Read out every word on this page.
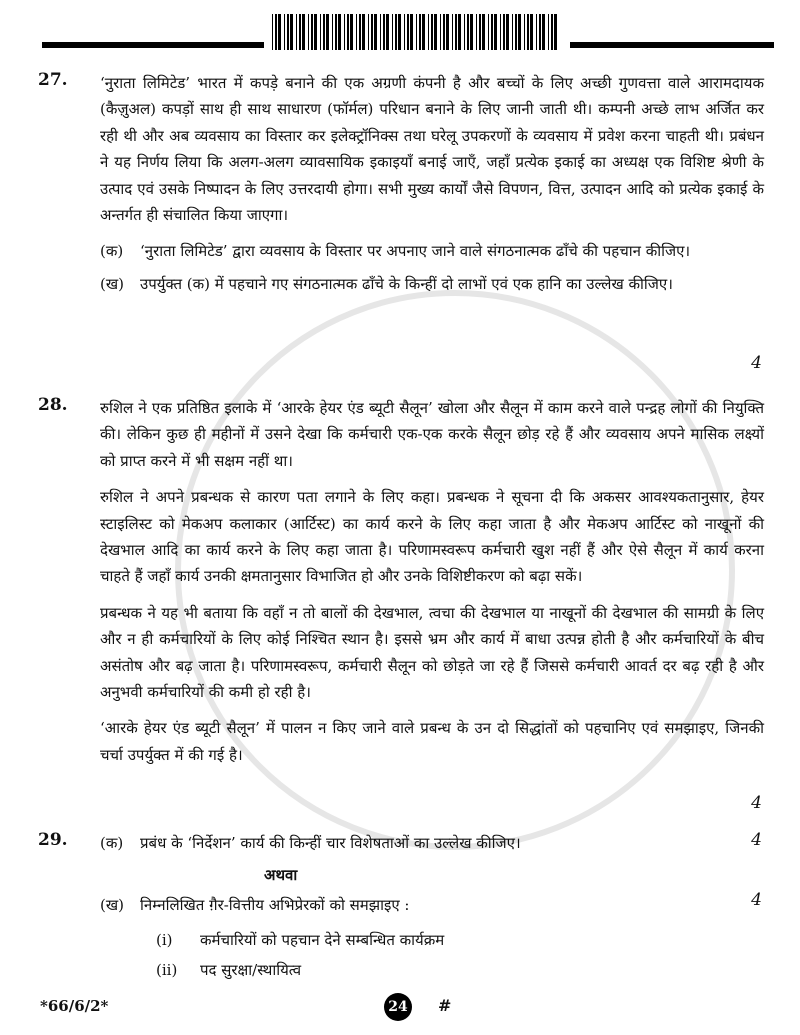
27. ‘नुराता लिमिटेड’ भारत में कपड़े बनाने की एक अग्रणी कंपनी है और बच्चों के लिए अच्छी गुणवत्ता वाले आरामदायक (कैज़ुअल) कपड़ों साथ ही साथ साधारण (फॉर्मल) परिधान बनाने के लिए जानी जाती थी। कम्पनी अच्छे लाभ अर्जित कर रही थी और अब व्यवसाय का विस्तार कर इलेक्ट्रॉनिक्स तथा घरेलू उपकरणों के व्यवसाय में प्रवेश करना चाहती थी। प्रबंधन ने यह निर्णय लिया कि अलग-अलग व्यावसायिक इकाइयाँ बनाई जाएँ, जहाँ प्रत्येक इकाई का अध्यक्ष एक विशिष्ट श्रेणी के उत्पाद एवं उसके निष्पादन के लिए उत्तरदायी होगा। सभी मुख्य कार्यों जैसे विपणन, वित्त, उत्पादन आदि को प्रत्येक इकाई के अन्तर्गत ही संचालित किया जाएगा।

(क) ‘नुराता लिमिटेड’ द्वारा व्यवसाय के विस्तार पर अपनाए जाने वाले संगठनात्मक ढाँचे की पहचान कीजिए।
(ख) उपर्युक्त (क) में पहचाने गए संगठनात्मक ढाँचे के किन्हीं दो लाभों एवं एक हानि का उल्लेख कीजिए।
4
28. रुशिल ने एक प्रतिष्ठित इलाके में ‘आरके हेयर एंड ब्यूटी सैलून’ खोला और सैलून में काम करने वाले पन्द्रह लोगों की नियुक्ति की। लेकिन कुछ ही महीनों में उसने देखा कि कर्मचारी एक-एक करके सैलून छोड़ रहे हैं और व्यवसाय अपने मासिक लक्ष्यों को प्राप्त करने में भी सक्षम नहीं था।

रुशिल ने अपने प्रबन्धक से कारण पता लगाने के लिए कहा। प्रबन्धक ने सूचना दी कि अकसर आवश्यकतानुसार, हेयर स्टाइलिस्ट को मेकअप कलाकार (आर्टिस्ट) का कार्य करने के लिए कहा जाता है और मेकअप आर्टिस्ट को नाखूनों की देखभाल आदि का कार्य करने के लिए कहा जाता है। परिणामस्वरूप कर्मचारी खुश नहीं हैं और ऐसे सैलून में कार्य करना चाहते हैं जहाँ कार्य उनकी क्षमतानुसार विभाजित हो और उनके विशिष्टीकरण को बढ़ा सकें।

प्रबन्धक ने यह भी बताया कि वहाँ न तो बालों की देखभाल, त्वचा की देखभाल या नाखूनों की देखभाल की सामग्री के लिए और न ही कर्मचारियों के लिए कोई निश्चित स्थान है। इससे भ्रम और कार्य में बाधा उत्पन्न होती है और कर्मचारियों के बीच असंतोष और बढ़ जाता है। परिणामस्वरूप, कर्मचारी सैलून को छोड़ते जा रहे हैं जिससे कर्मचारी आवर्त दर बढ़ रही है और अनुभवी कर्मचारियों की कमी हो रही है।

‘आरके हेयर एंड ब्यूटी सैलून’ में पालन न किए जाने वाले प्रबन्ध के उन दो सिद्धांतों को पहचानिए एवं समझाइए, जिनकी चर्चा उपर्युक्त में की गई है।

4
29. (क) प्रबंध के ‘निर्देशन’ कार्य की किन्हीं चार विशेषताओं का उल्लेख कीजिए।	4
अथवा
(ख) निम्नलिखित ग़ैर-वित्तीय अभिप्रेरकों को समझाइए :	4
(i) कर्मचारियों को पहचान देने सम्बन्धित कार्यक्रम
(ii) पद सुरक्षा/स्थायित्व
*66/6/2*	24 #
